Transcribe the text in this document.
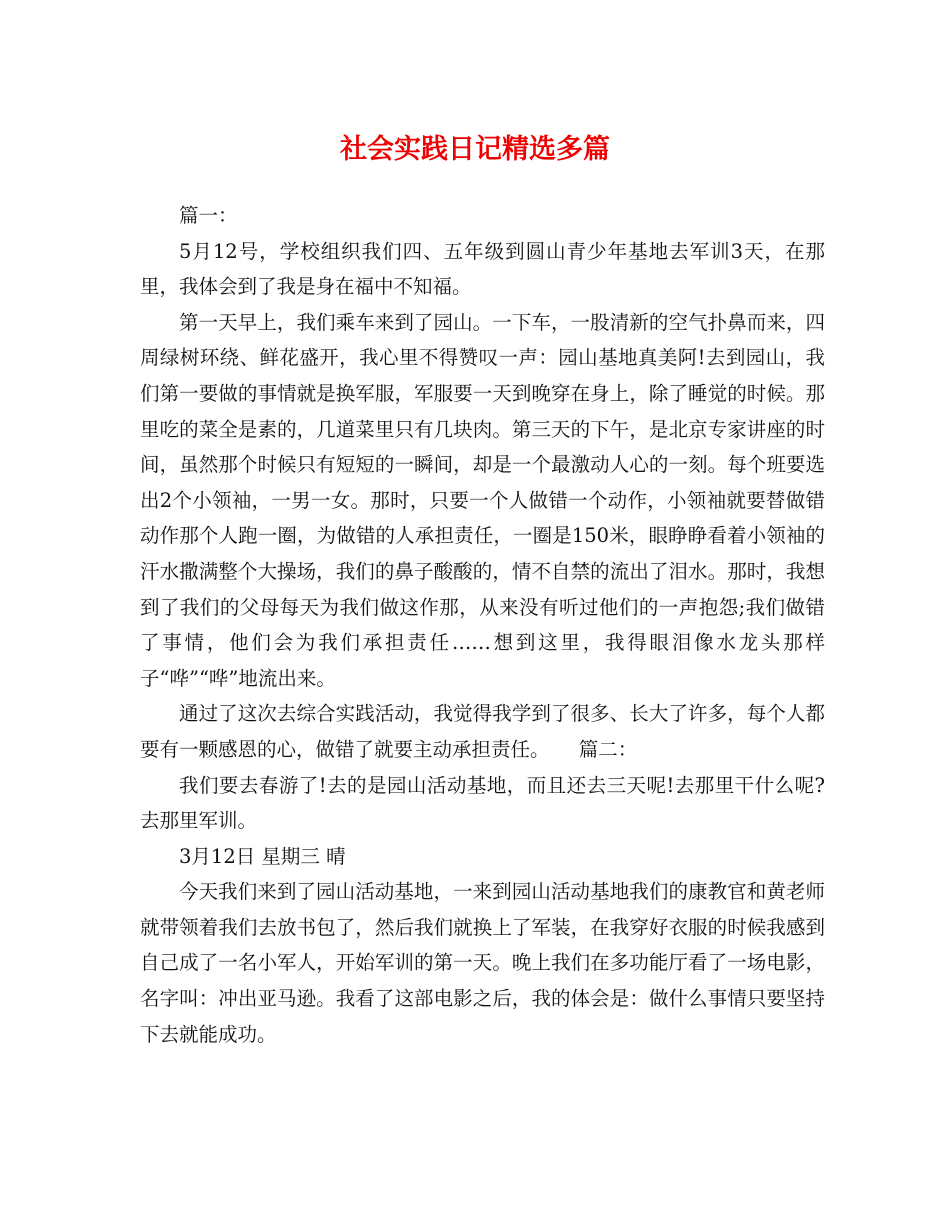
社会实践日记精选多篇

篇一：

5月12号，学校组织我们四、五年级到圆山青少年基地去军训3天，在那里，我体会到了我是身在福中不知福。

第一天早上，我们乘车来到了园山。一下车，一股清新的空气扑鼻而来，四周绿树环绕、鲜花盛开，我心里不得赞叹一声：园山基地真美阿!去到园山，我们第一要做的事情就是换军服，军服要一天到晚穿在身上，除了睡觉的时候。那里吃的菜全是素的，几道菜里只有几块肉。第三天的下午，是北京专家讲座的时间，虽然那个时候只有短短的一瞬间，却是一个最激动人心的一刻。每个班要选出2个小领袖，一男一女。那时，只要一个人做错一个动作，小领袖就要替做错动作那个人跑一圈，为做错的人承担责任，一圈是150米，眼睁睁看着小领袖的汗水撒满整个大操场，我们的鼻子酸酸的，情不自禁的流出了泪水。那时，我想到了我们的父母每天为我们做这作那，从来没有听过他们的一声抱怨;我们做错了事情，他们会为我们承担责任……想到这里，我得眼泪像水龙头那样子“哗”“哗”地流出来。

通过了这次去综合实践活动，我觉得我学到了很多、长大了许多，每个人都要有一颗感恩的心，做错了就要主动承担责任。　　篇二：

我们要去春游了!去的是园山活动基地，而且还去三天呢!去那里干什么呢?去那里军训。

3月12日 星期三 晴

今天我们来到了园山活动基地，一来到园山活动基地我们的康教官和黄老师就带领着我们去放书包了，然后我们就换上了军装，在我穿好衣服的时候我感到自己成了一名小军人，开始军训的第一天。晚上我们在多功能厅看了一场电影，名字叫：冲出亚马逊。我看了这部电影之后，我的体会是：做什么事情只要坚持下去就能成功。
